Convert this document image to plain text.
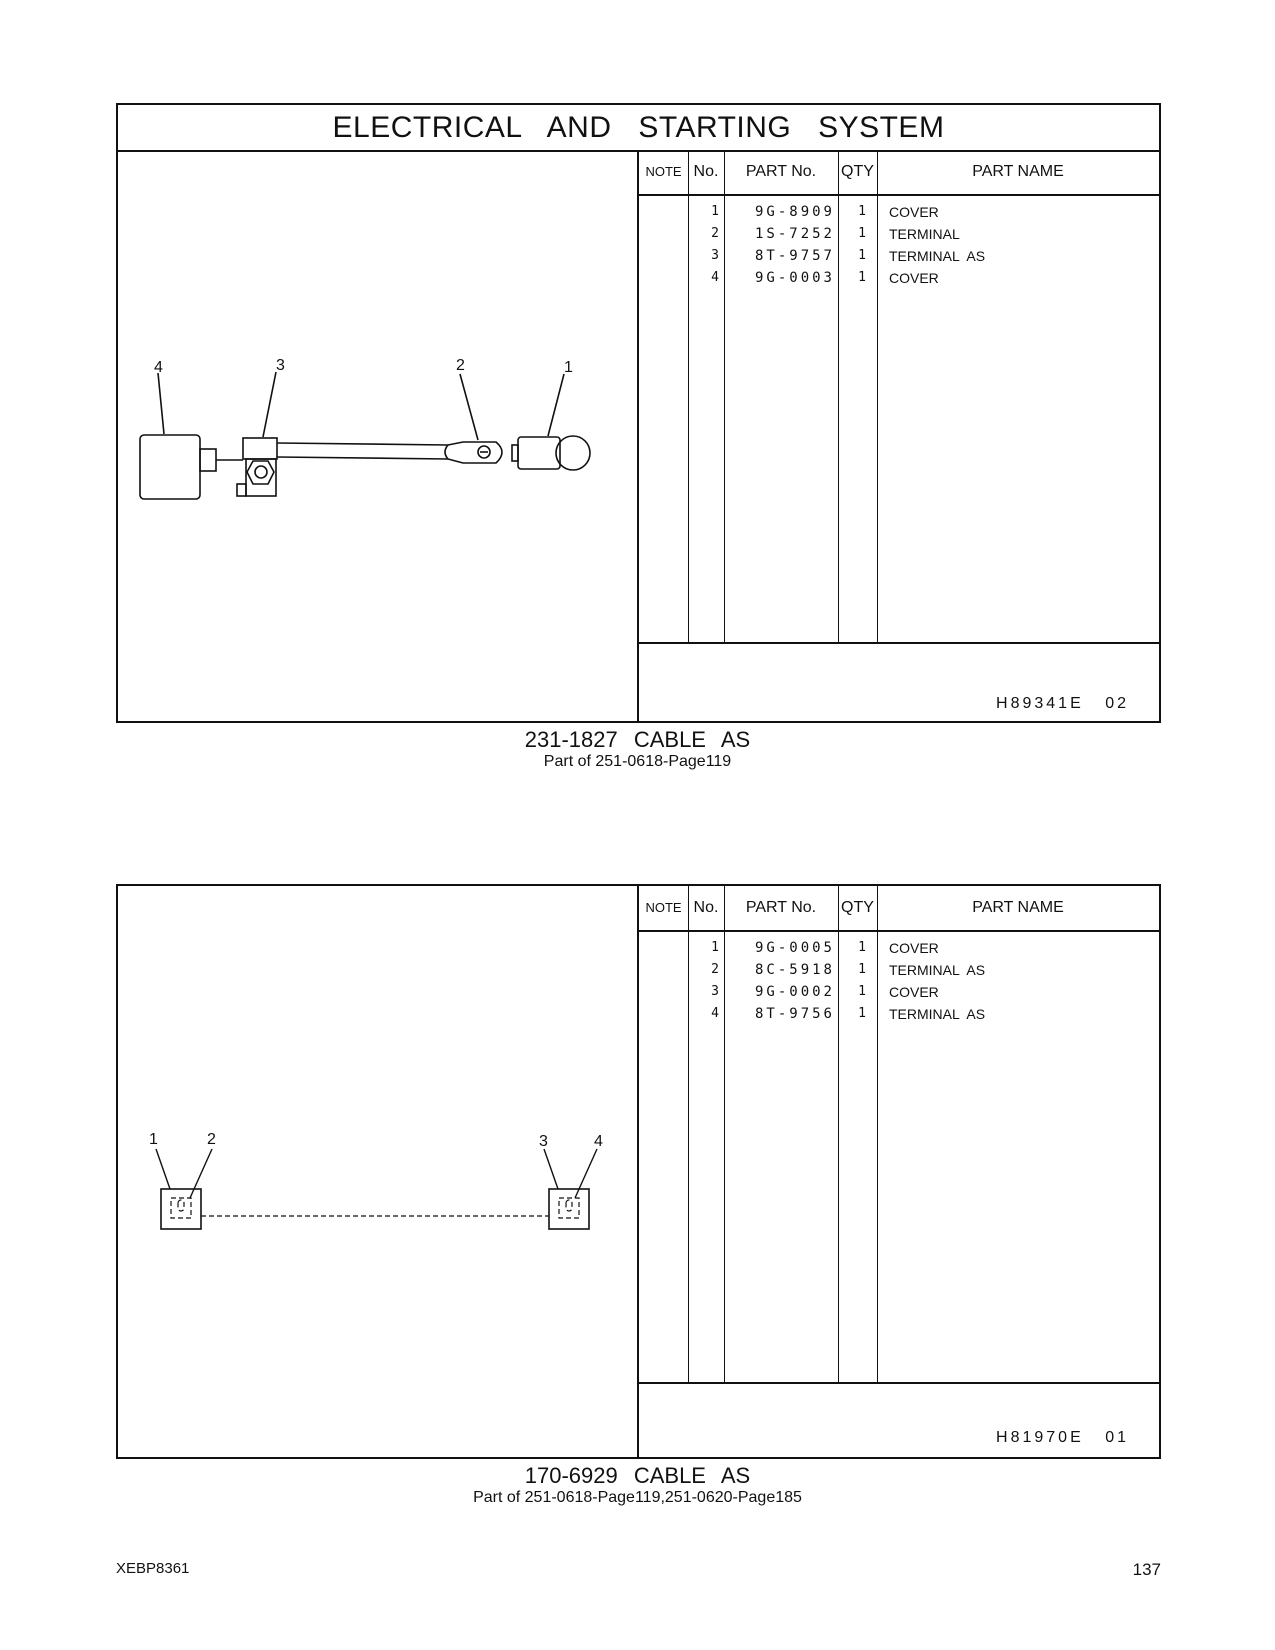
ELECTRICAL AND STARTING SYSTEM
4	3	2	1
NOTE No.	PART No.	QTY	PART NAME
1	9G-8909	1 COVER
2	1S-7252	1 TERMINAL
3	8T-9757	1 TERMINAL AS
4	9G-0003	1 COVER
H89341E 02
231-1827 CABLE AS
Part of 251-0618-Page119
1	2	3	4
NOTE No.	PART No.	QTY	PART NAME
1	9G-0005	1 COVER
2	8C-5918	1 TERMINAL AS
3	9G-0002	1 COVER
4	8T-9756	1 TERMINAL AS
H81970E 01
170-6929 CABLE AS
Part of 251-0618-Page119,251-0620-Page185
XEBP8361	137
